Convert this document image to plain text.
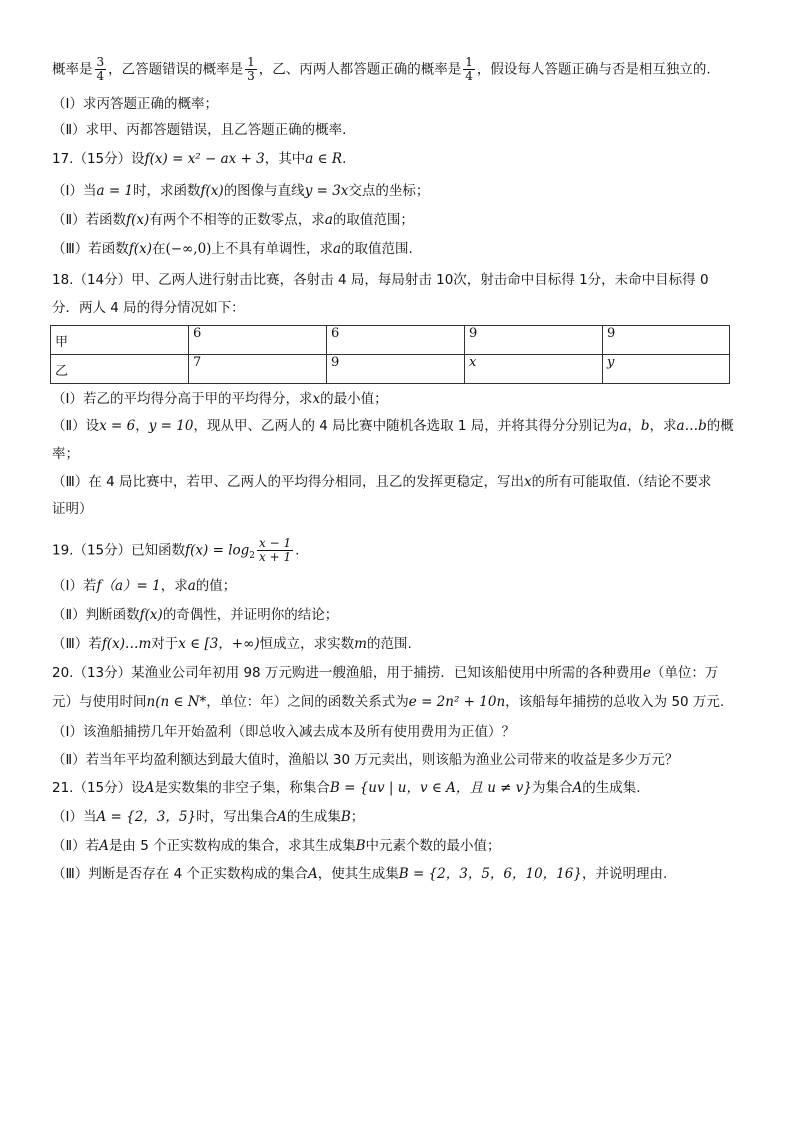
概率是 $\frac{3}{4}$ ，乙答题错误的概率是 $\frac{1}{3}$ ，乙、丙两人都答题正确的概率是 $\frac{1}{4}$ ，假设每人答题正确与否是相互独立的.
（Ⅰ）求丙答题正确的概率；
（Ⅱ）求甲、丙都答题错误，且乙答题正确的概率.
17.（15分）设f(x) = x² − ax + 3，其中a ∈ R.
（Ⅰ）当a = 1时，求函数f(x)的图像与直线y = 3x交点的坐标；
（Ⅱ）若函数f(x)有两个不相等的正数零点，求a的取值范围；
（Ⅲ）若函数f(x)在(−∞,0)上不具有单调性，求a的取值范围.
18.（14分）甲、乙两人进行射击比赛，各射击 4 局，每局射击 10次，射击命中目标得 1分，未命中目标得 0
分．两人 4 局的得分情况如下：
甲	6	6	9	9
乙	7	9	x	y
（Ⅰ）若乙的平均得分高于甲的平均得分，求x的最小值；
（Ⅱ）设x = 6，y = 10，现从甲、乙两人的 4 局比赛中随机各选取 1 局，并将其得分分别记为a，b，求a…b的概
率；
（Ⅲ）在 4 局比赛中，若甲、乙两人的平均得分相同，且乙的发挥更稳定，写出x的所有可能取值.（结论不要求
证明）
19.（15分）已知函数$f(x) = \log_2 \frac{x - 1}{x + 1}$ .
（Ⅰ）若f（a）= 1，求a的值；
（Ⅱ）判断函数f(x)的奇偶性，并证明你的结论；
（Ⅲ）若f(x)…m对于x ∈ [3，+∞)恒成立，求实数m的范围.
20.（13分）某渔业公司年初用 98 万元购进一艘渔船，用于捕捞．已知该船使用中所需的各种费用e（单位：万
元）与使用时间n(n ∈ N*，单位：年）之间的函数关系式为e = 2n² + 10n，该船每年捕捞的总收入为 50 万元.
（Ⅰ）该渔船捕捞几年开始盈利（即总收入减去成本及所有使用费用为正值）？
（Ⅱ）若当年平均盈利额达到最大值时，渔船以 30 万元卖出，则该船为渔业公司带来的收益是多少万元？
21.（15分）设A是实数集的非空子集，称集合B = {uv | u，v ∈ A，且 u ≠ v}为集合A的生成集.
（Ⅰ）当A = {2，3，5}时，写出集合A的生成集B；
（Ⅱ）若A是由 5 个正实数构成的集合，求其生成集B中元素个数的最小值；
（Ⅲ）判断是否存在 4 个正实数构成的集合A，使其生成集B = {2，3，5，6，10，16}，并说明理由.
